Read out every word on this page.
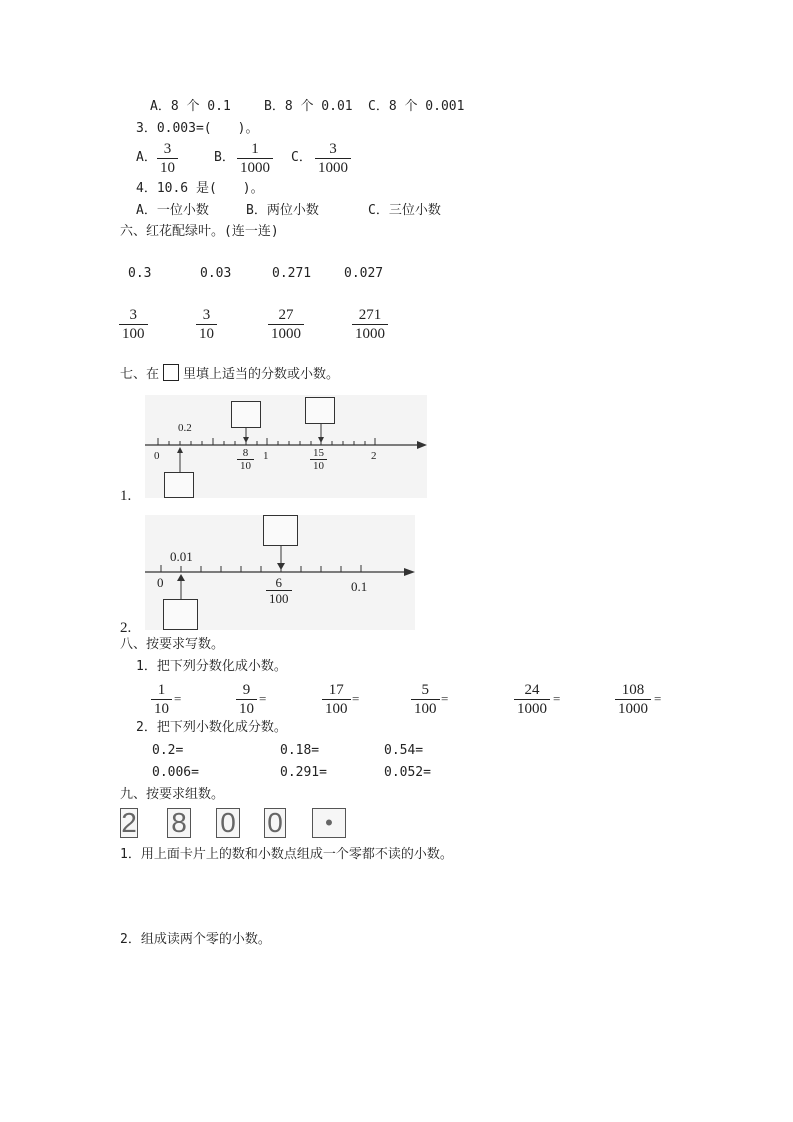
A．8 个 0.1	B．8 个 0.01 C．8 个 0.001
3．0.003=(　　)。
A． $\frac{3}{10}$	B． $\frac{1}{1000}$ C． $\frac{3}{1000}$
4．10.6 是(　　)。
A．一位小数	B．两位小数	C．三位小数
六、红花配绿叶。(连一连)
0.3	0.03	0.271	0.027
$\frac{3}{100}$	$\frac{3}{10}$	$\frac{27}{1000}$	$\frac{271}{1000}$
七、在 里填上适当的分数或小数。
1.
0
0.2
1	2
$\frac{8}{10}$	$\frac{15}{10}$
2.
0
0.01
0.1
$\frac{6}{100}$
八、按要求写数。
1．把下列分数化成小数。
$\frac{1}{10}$ =	$\frac{9}{10}$ =	$\frac{17}{100}$ =	$\frac{5}{100}$ =	$\frac{24}{1000}$ =	$\frac{108}{1000}$ =
2．把下列小数化成分数。
0.2=	0.18=	0.54=
0.006=	0.291=	0.052=
九、按要求组数。
2 8 0 0	•
1．用上面卡片上的数和小数点组成一个零都不读的小数。
2．组成读两个零的小数。
